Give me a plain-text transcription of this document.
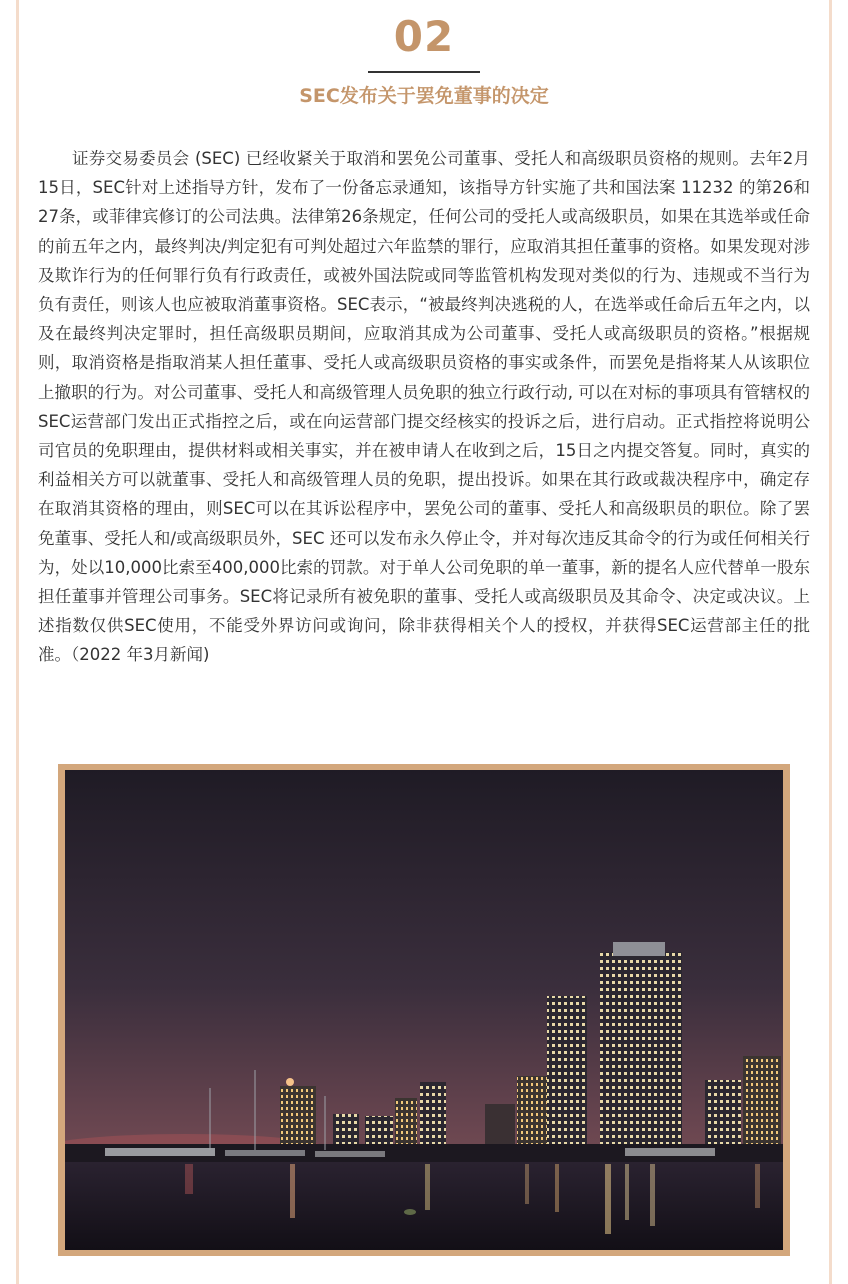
02
SEC发布关于罢免董事的决定

证券交易委员会 (SEC) 已经收紧关于取消和罢免公司董事、受托人和高级职员资格的规则。去年2月15日，SEC针对上述指导方针，发布了一份备忘录通知，该指导方针实施了共和国法案 11232 的第26和27条，或菲律宾修订的公司法典。法律第26条规定，任何公司的受托人或高级职员，如果在其选举或任命的前五年之内，最终判决/判定犯有可判处超过六年监禁的罪行，应取消其担任董事的资格。如果发现对涉及欺诈行为的任何罪行负有行政责任，或被外国法院或同等监管机构发现对类似的行为、违规或不当行为负有责任，则该人也应被取消董事资格。SEC表示，“被最终判决逃税的人，在选举或任命后五年之内，以及在最终判决定罪时，担任高级职员期间，应取消其成为公司董事、受托人或高级职员的资格。”根据规则，取消资格是指取消某人担任董事、受托人或高级职员资格的事实或条件，而罢免是指将某人从该职位上撤职的行为。对公司董事、受托人和高级管理人员免职的独立行政行动, 可以在对标的事项具有管辖权的SEC运营部门发出正式指控之后，或在向运营部门提交经核实的投诉之后，进行启动。正式指控将说明公司官员的免职理由，提供材料或相关事实，并在被申请人在收到之后，15日之内提交答复。同时，真实的利益相关方可以就董事、受托人和高级管理人员的免职，提出投诉。如果在其行政或裁决程序中，确定存在取消其资格的理由，则SEC可以在其诉讼程序中，罢免公司的董事、受托人和高级职员的职位。除了罢免董事、受托人和/或高级职员外，SEC 还可以发布永久停止令，并对每次违反其命令的行为或任何相关行为，处以10,000比索至400,000比索的罚款。对于单人公司免职的单一董事，新的提名人应代替单一股东担任董事并管理公司事务。SEC将记录所有被免职的董事、受托人或高级职员及其命令、决定或决议。上述指数仅供SEC使用，不能受外界访问或询问，除非获得相关个人的授权，并获得SEC运营部主任的批准。（2022 年3月新闻)
